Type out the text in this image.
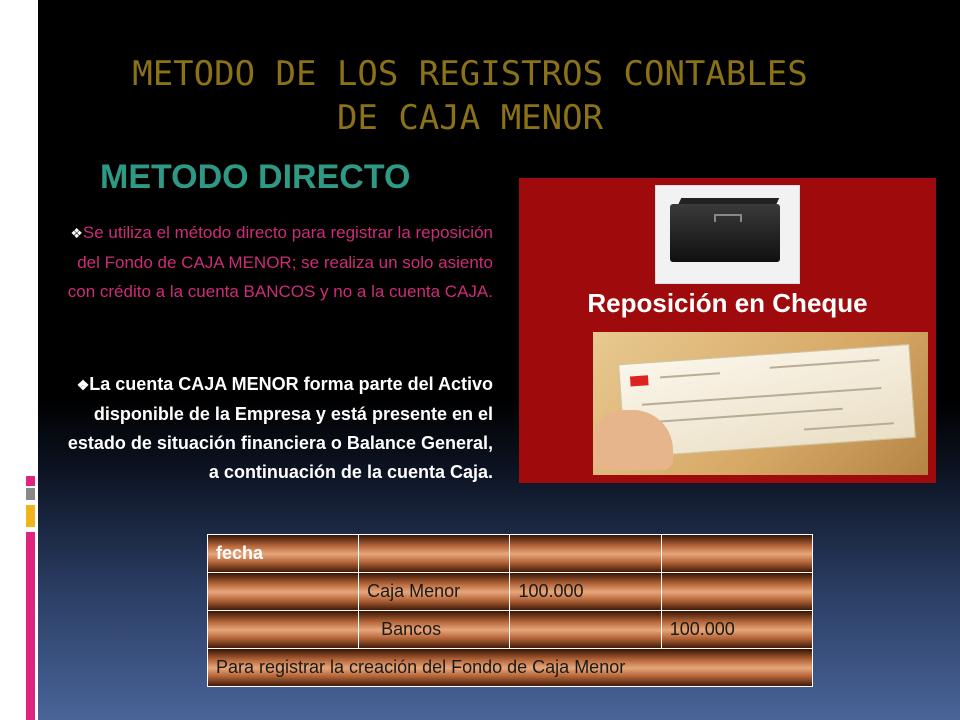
METODO DE LOS REGISTROS CONTABLES
DE CAJA MENOR
METODO DIRECTO
❖Se utiliza el método directo para registrar la reposición del Fondo de CAJA MENOR; se realiza un solo asiento con crédito a la cuenta BANCOS y no a la cuenta CAJA.
❖La cuenta CAJA MENOR forma parte del Activo disponible de la Empresa y está presente en el estado de situación financiera o Balance General, a continuación de la cuenta Caja.
Reposición en Cheque
fecha			
	Caja Menor	100.000	
	Bancos		100.000
Para registrar la creación del Fondo de Caja Menor			
